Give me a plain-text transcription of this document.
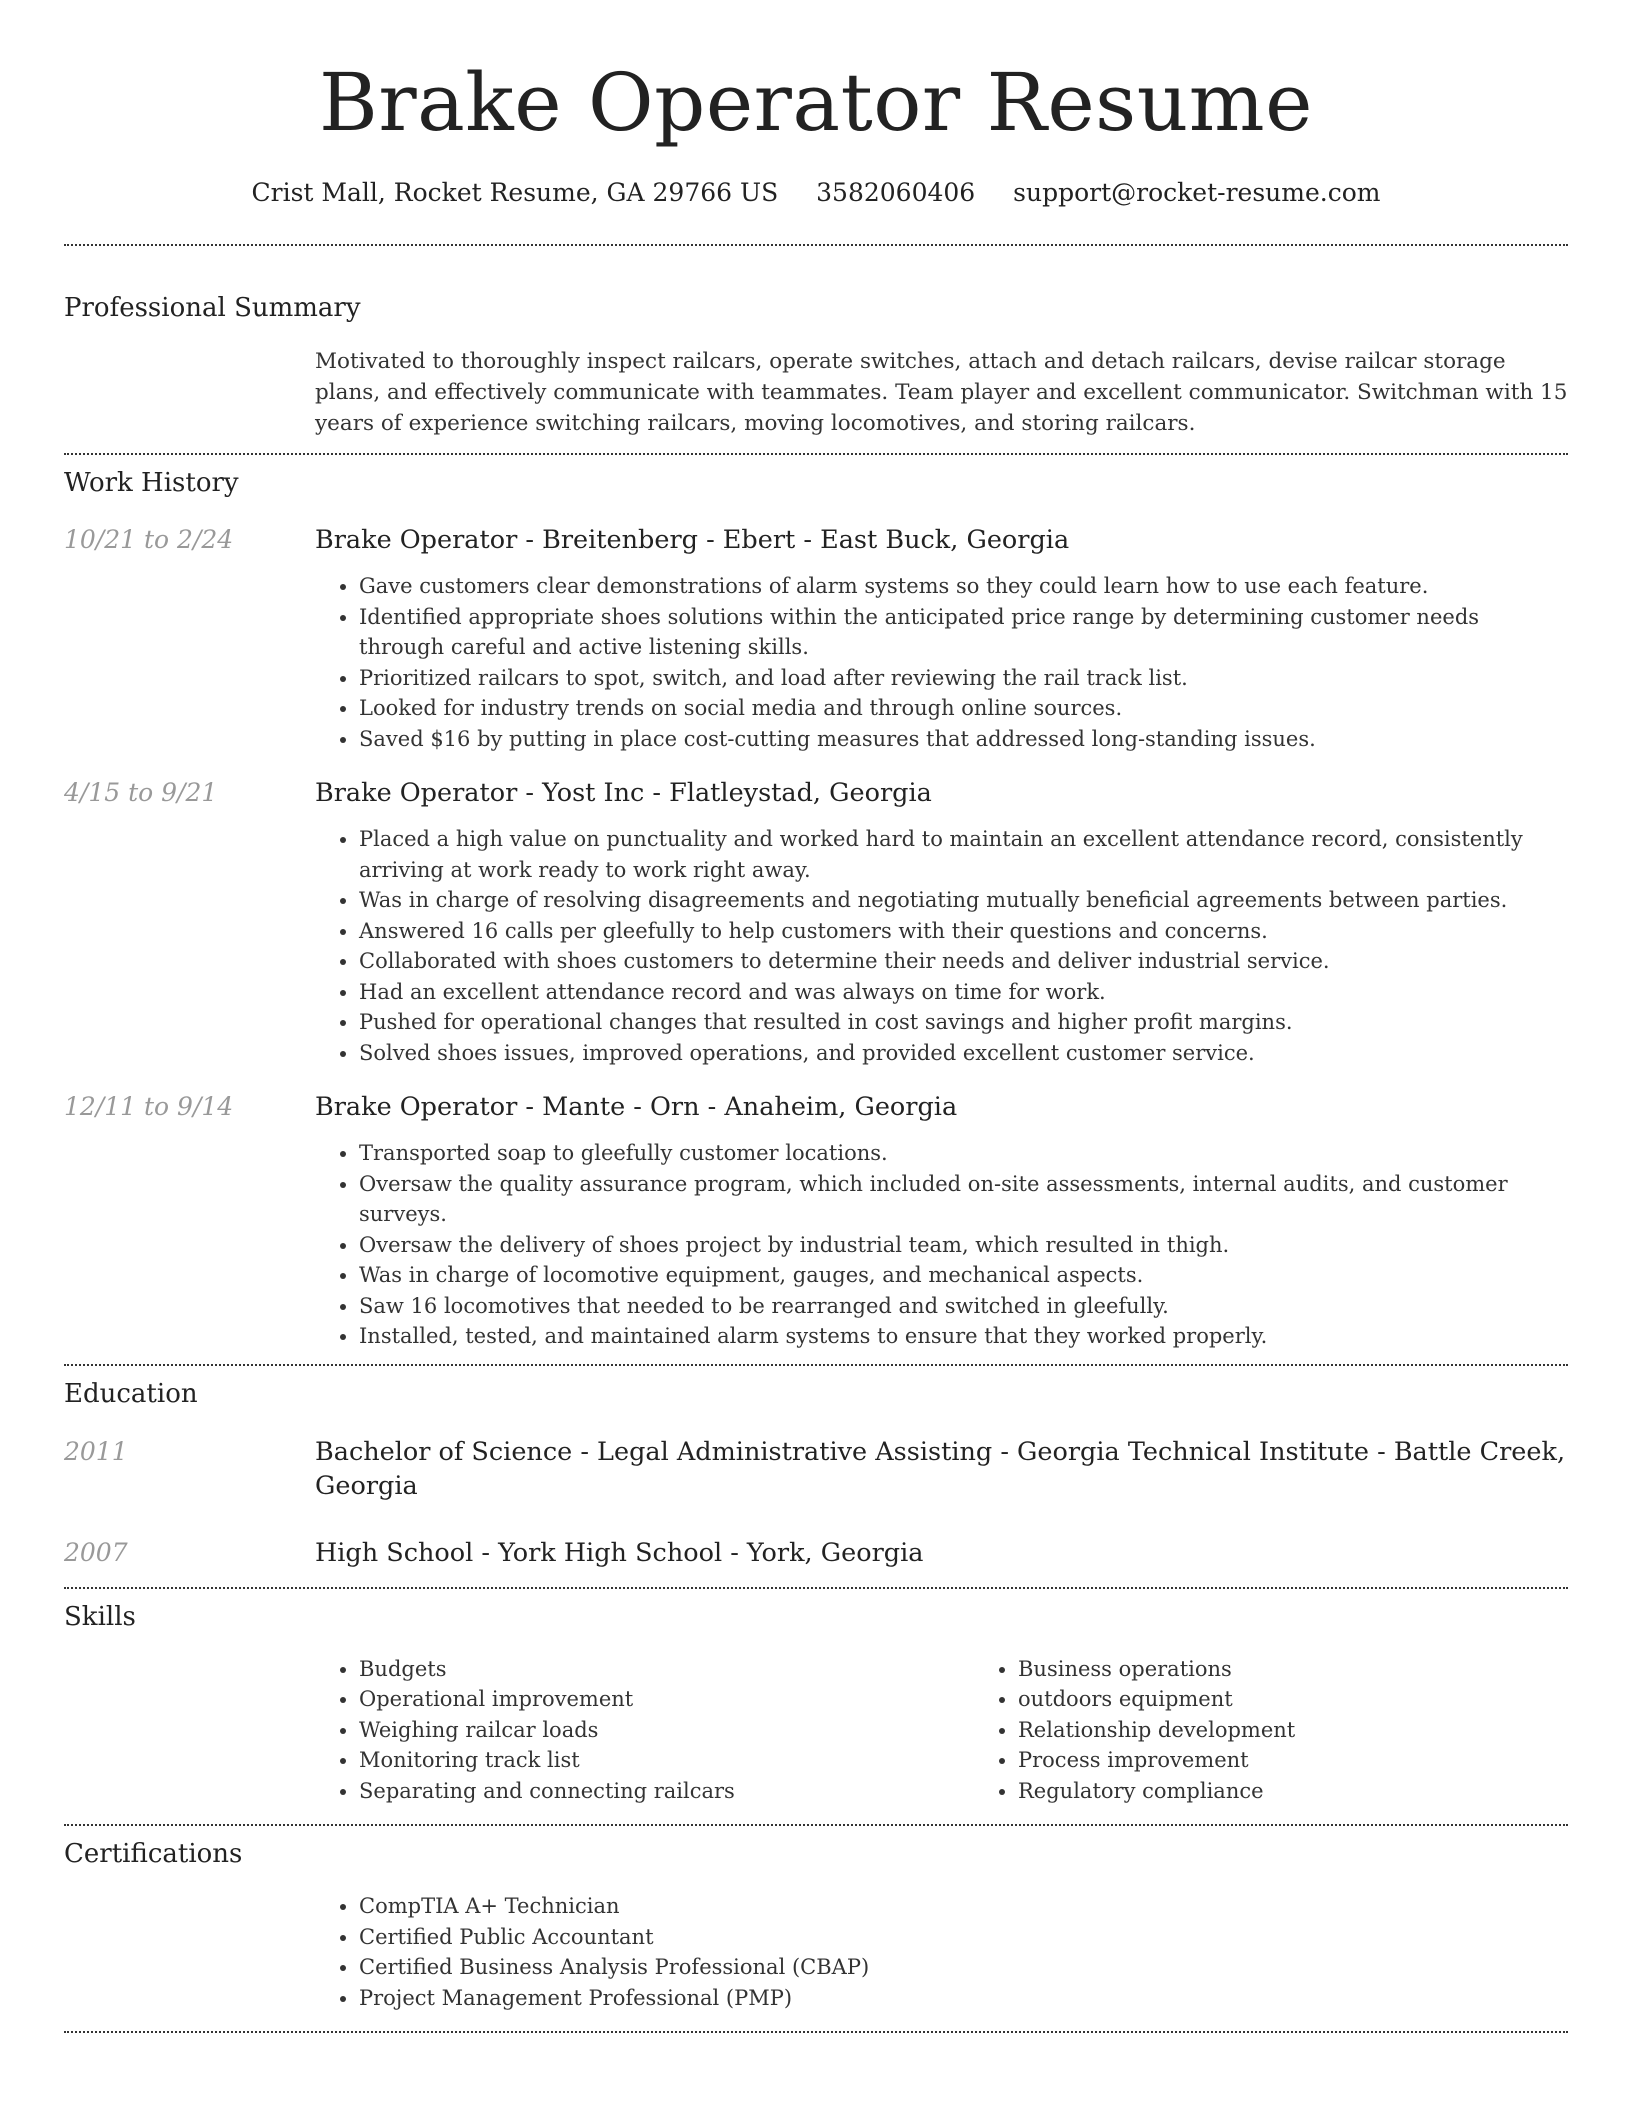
Brake Operator Resume
Crist Mall, Rocket Resume, GA 29766 US 3582060406 support@rocket-resume.com
Professional Summary

Motivated to thoroughly inspect railcars, operate switches, attach and detach railcars, devise railcar storage plans, and effectively communicate with teammates. Team player and excellent communicator. Switchman with 15 years of experience switching railcars, moving locomotives, and storing railcars.

Work History
10/21 to 2/24	Brake Operator - Breitenberg - Ebert - East Buck, Georgia
• Gave customers clear demonstrations of alarm systems so they could learn how to use each feature.
• Identified appropriate shoes solutions within the anticipated price range by determining customer needs through careful and active listening skills.
• Prioritized railcars to spot, switch, and load after reviewing the rail track list.
• Looked for industry trends on social media and through online sources.
• Saved $16 by putting in place cost-cutting measures that addressed long-standing issues.
4/15 to 9/21	Brake Operator - Yost Inc - Flatleystad, Georgia
• Placed a high value on punctuality and worked hard to maintain an excellent attendance record, consistently arriving at work ready to work right away.
• Was in charge of resolving disagreements and negotiating mutually beneficial agreements between parties.
• Answered 16 calls per gleefully to help customers with their questions and concerns.
• Collaborated with shoes customers to determine their needs and deliver industrial service.
• Had an excellent attendance record and was always on time for work.
• Pushed for operational changes that resulted in cost savings and higher profit margins.
• Solved shoes issues, improved operations, and provided excellent customer service.
12/11 to 9/14	Brake Operator - Mante - Orn - Anaheim, Georgia
• Transported soap to gleefully customer locations.
• Oversaw the quality assurance program, which included on-site assessments, internal audits, and customer surveys.
• Oversaw the delivery of shoes project by industrial team, which resulted in thigh.
• Was in charge of locomotive equipment, gauges, and mechanical aspects.
• Saw 16 locomotives that needed to be rearranged and switched in gleefully.
• Installed, tested, and maintained alarm systems to ensure that they worked properly.
Education
2011	Bachelor of Science - Legal Administrative Assisting - Georgia Technical Institute - Battle Creek, Georgia
2007	High School - York High School - York, Georgia
Skills
• Budgets
• Operational improvement
• Weighing railcar loads
• Monitoring track list
• Separating and connecting railcars
• Business operations
• outdoors equipment
• Relationship development
• Process improvement
• Regulatory compliance
Certifications
• CompTIA A+ Technician
• Certified Public Accountant
• Certified Business Analysis Professional (CBAP)
• Project Management Professional (PMP)
